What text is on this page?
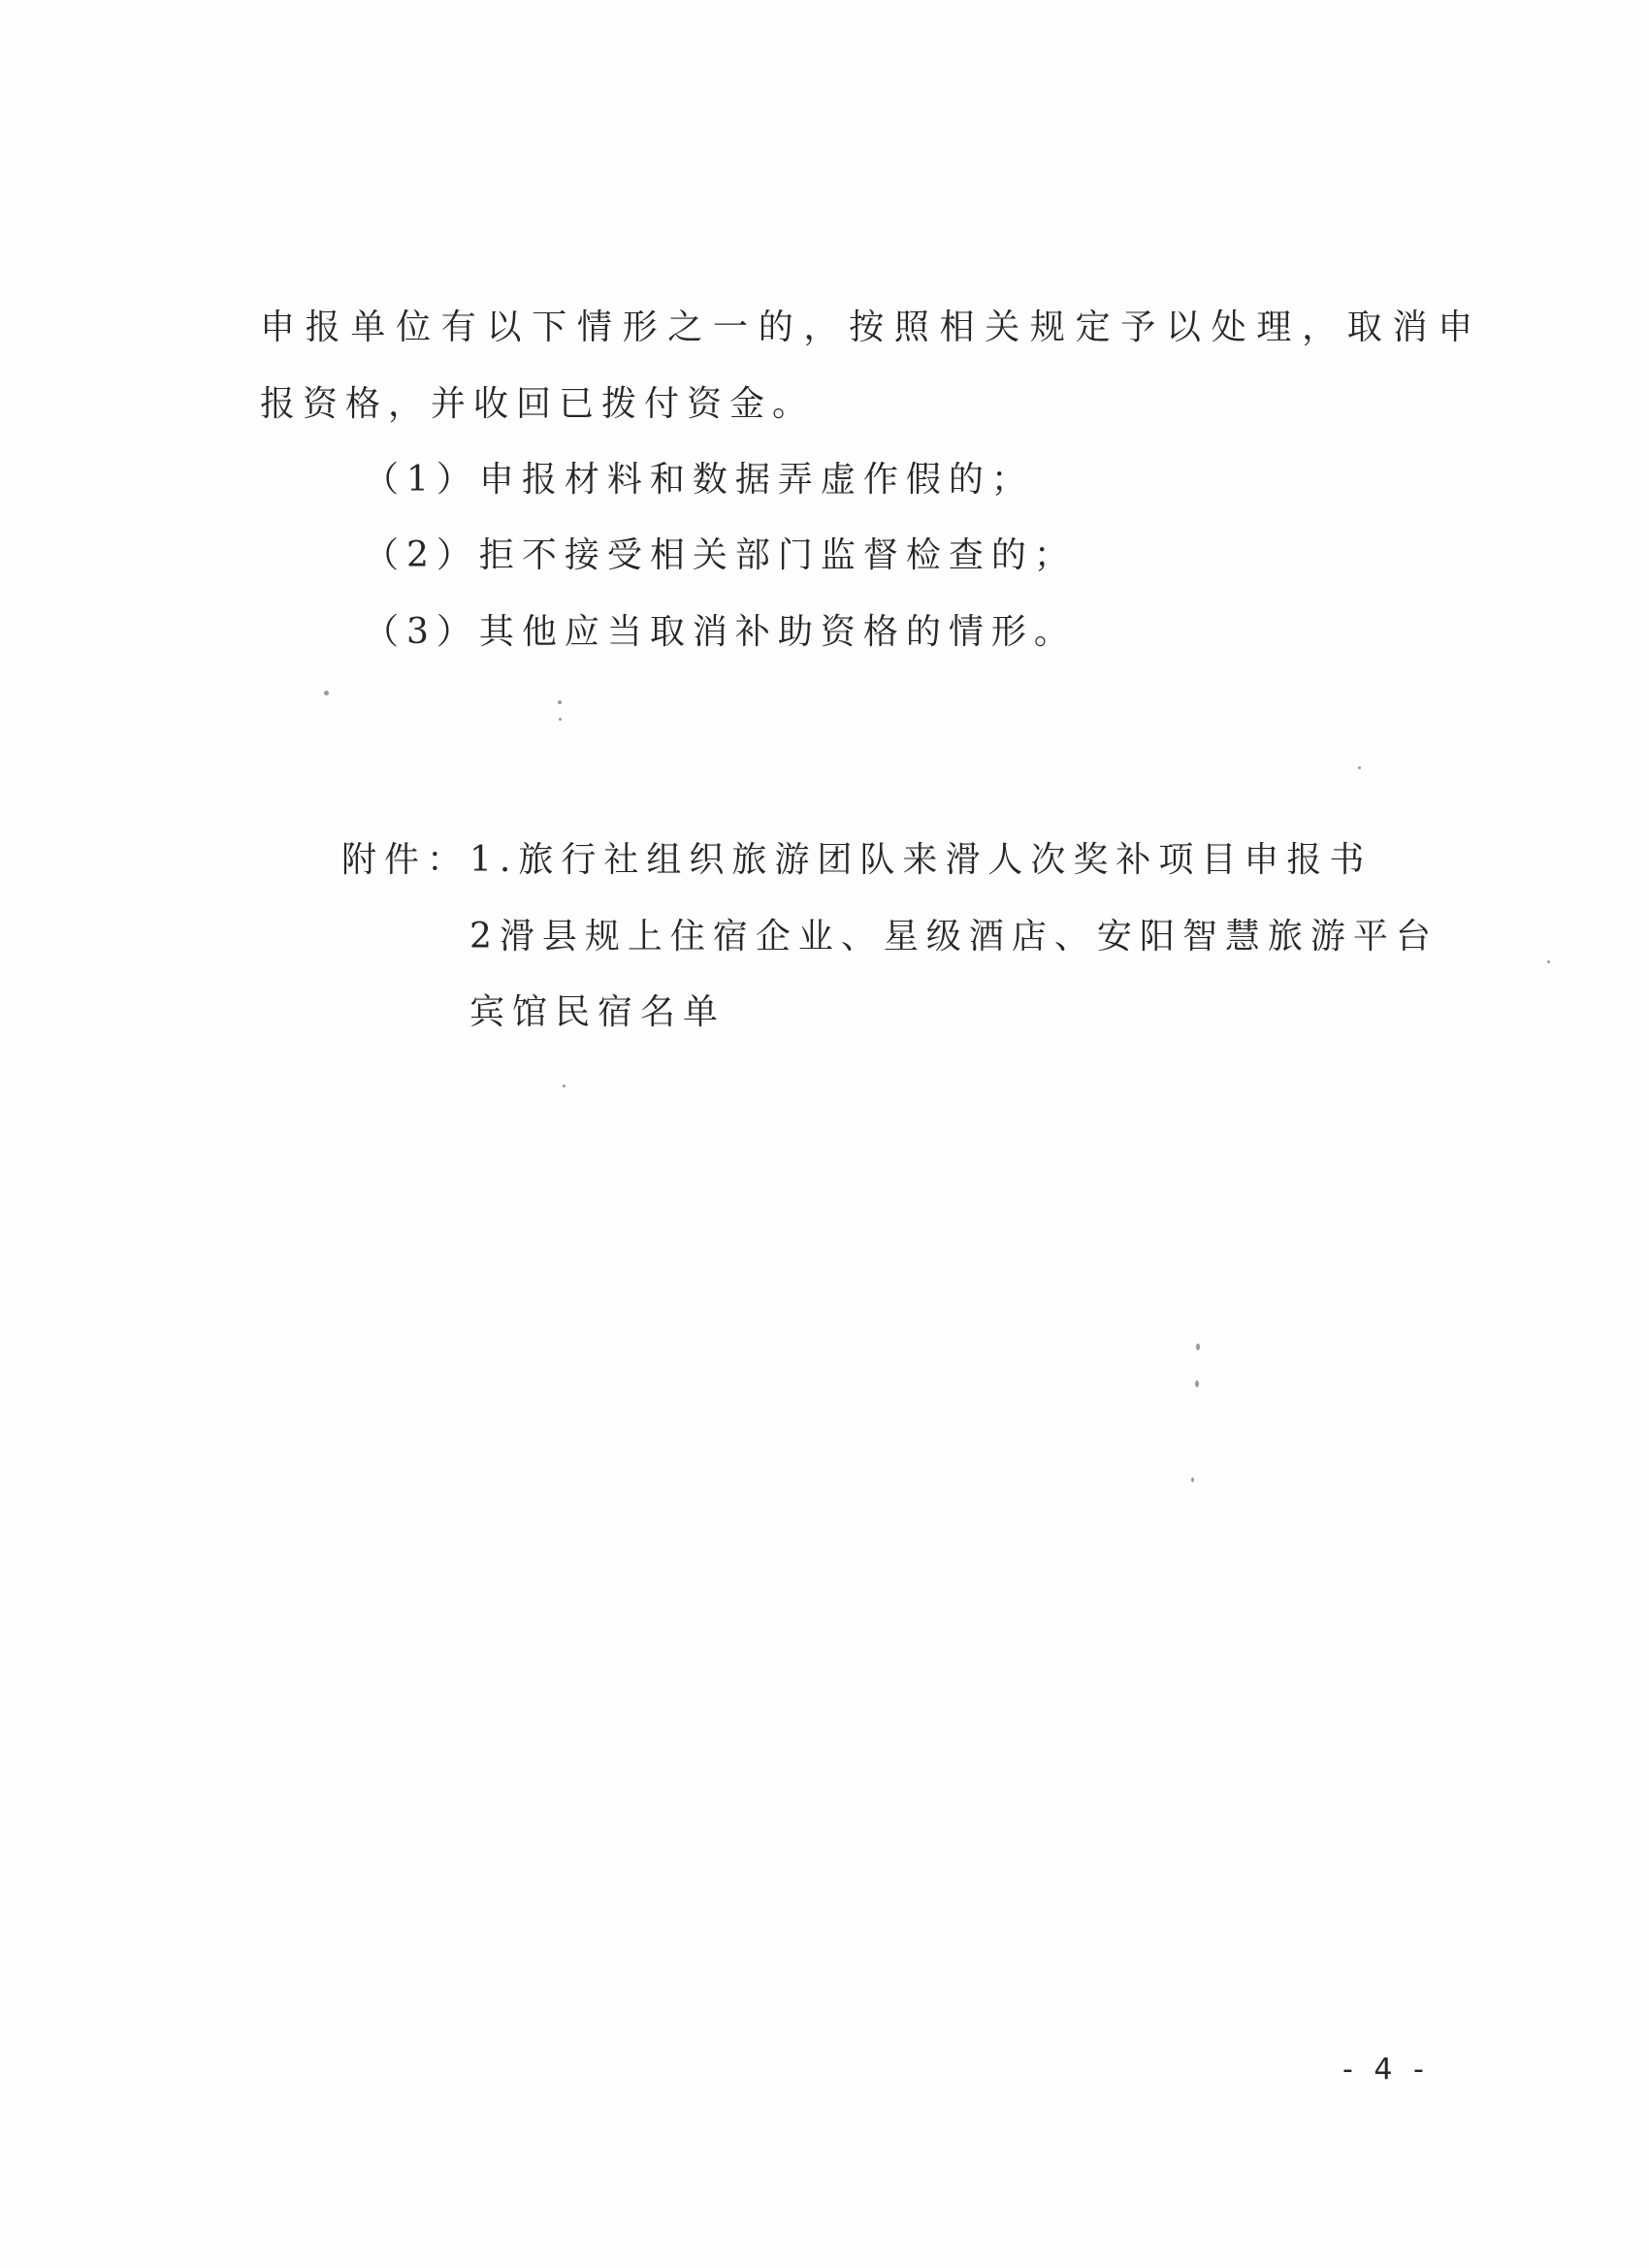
申报单位有以下情形之一的，按照相关规定予以处理，取消申

报资格，并收回已拨付资金。

（1）申报材料和数据弄虚作假的；

（2）拒不接受相关部门监督检查的；

（3）其他应当取消补助资格的情形。

附件： 1.旅行社组织旅游团队来滑人次奖补项目申报书

2滑县规上住宿企业、星级酒店、安阳智慧旅游平台

宾馆民宿名单

- 4 -
